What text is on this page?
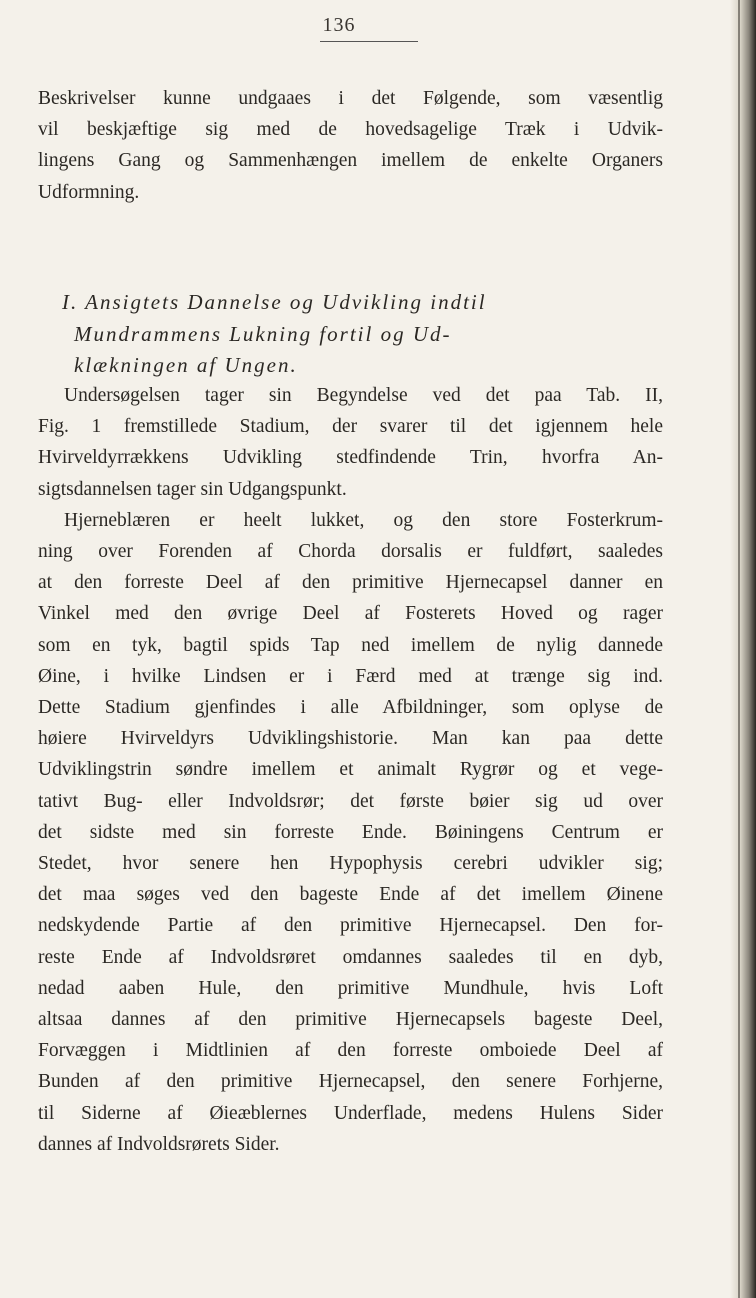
136
Beskrivelser kunne undgaaes i det Følgende, som væsentlig
vil beskjæftige sig med de hovedsagelige Træk i Udvik-
lingens Gang og Sammenhængen imellem de enkelte Organers
Udformning.
I. Ansigtets Dannelse og Udvikling indtil
Mundrammens Lukning fortil og Ud-
klækningen af Ungen.
Undersøgelsen tager sin Begyndelse ved det paa Tab. II,
Fig. 1 fremstillede Stadium, der svarer til det igjennem hele
Hvirveldyrrækkens Udvikling stedfindende Trin, hvorfra An-
sigtsdannelsen tager sin Udgangspunkt.
Hjerneblæren er heelt lukket, og den store Fosterkrum-
ning over Forenden af Chorda dorsalis er fuldført, saaledes
at den forreste Deel af den primitive Hjernecapsel danner en
Vinkel med den øvrige Deel af Fosterets Hoved og rager
som en tyk, bagtil spids Tap ned imellem de nylig dannede
Øine, i hvilke Lindsen er i Færd med at trænge sig ind.
Dette Stadium gjenfindes i alle Afbildninger, som oplyse de
høiere Hvirveldyrs Udviklingshistorie. Man kan paa dette
Udviklingstrin søndre imellem et animalt Rygrør og et vege-
tativt Bug- eller Indvoldsrør; det første bøier sig ud over
det sidste med sin forreste Ende. Bøiningens Centrum er
Stedet, hvor senere hen Hypophysis cerebri udvikler sig;
det maa søges ved den bageste Ende af det imellem Øinene
nedskydende Partie af den primitive Hjernecapsel. Den for-
reste Ende af Indvoldsrøret omdannes saaledes til en dyb,
nedad aaben Hule, den primitive Mundhule, hvis Loft
altsaa dannes af den primitive Hjernecapsels bageste Deel,
Forvæggen i Midtlinien af den forreste omboiede Deel af
Bunden af den primitive Hjernecapsel, den senere Forhjerne,
til Siderne af Øieæblernes Underflade, medens Hulens Sider
dannes af Indvoldsrørets Sider.
